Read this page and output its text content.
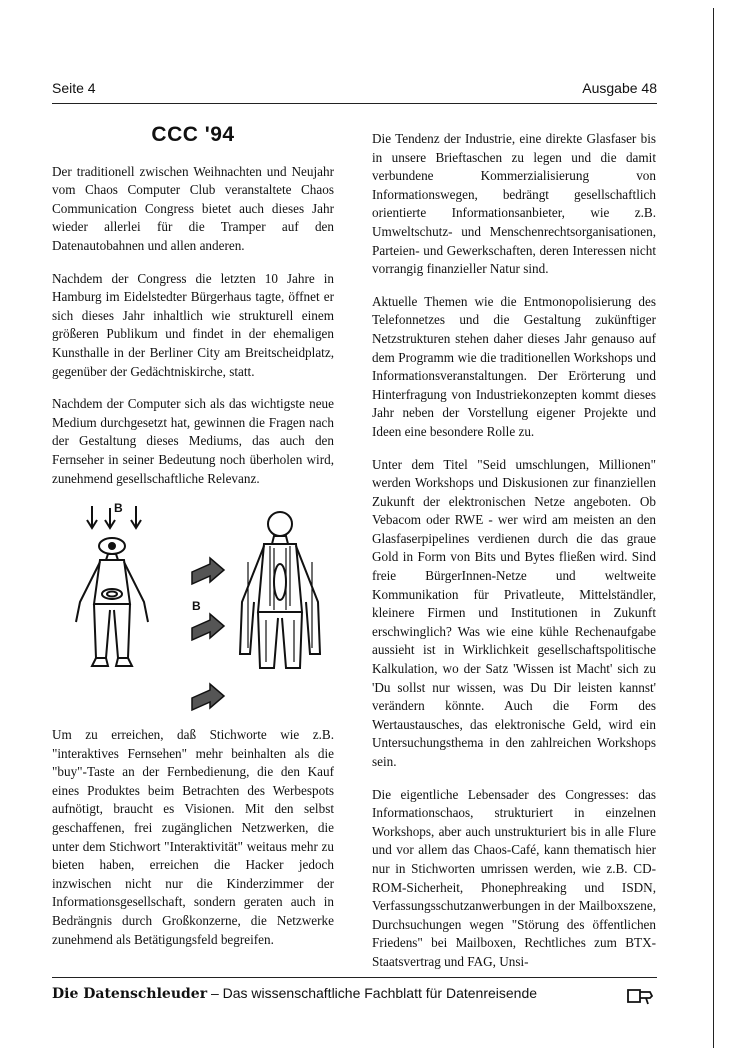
Seite 4	Ausgabe 48
CCC '94

Der traditionell zwischen Weihnachten und Neujahr vom Chaos Computer Club veranstaltete Chaos Communication Congress bietet auch dieses Jahr wieder allerlei für die Tramper auf den Datenautobahnen und allen anderen.

Nachdem der Congress die letzten 10 Jahre in Hamburg im Eidelstedter Bürgerhaus tagte, öffnet er sich dieses Jahr inhaltlich wie strukturell einem größeren Publikum und findet in der ehemaligen Kunsthalle in der Berliner City am Breitscheidplatz, gegenüber der Gedächtniskirche, statt.

Nachdem der Computer sich als das wichtigste neue Medium durchgesetzt hat, gewinnen die Fragen nach der Gestaltung dieses Mediums, das auch den Fernseher in seiner Bedeutung noch überholen wird, zunehmend gesellschaftliche Relevanz.

B
B

Um zu erreichen, daß Stichworte wie z.B. "interaktives Fernsehen" mehr beinhalten als die "buy"-Taste an der Fernbedienung, die den Kauf eines Produktes beim Betrachten des Werbespots aufnötigt, braucht es Visionen. Mit den selbst geschaffenen, frei zugänglichen Netzwerken, die unter dem Stichwort "Interaktivität" weitaus mehr zu bieten haben, erreichen die Hacker jedoch inzwischen nicht nur die Kinderzimmer der Informationsgesellschaft, sondern geraten auch in Bedrängnis durch Großkonzerne, die Netzwerke zunehmend als Betätigungsfeld begreifen.

Die Tendenz der Industrie, eine direkte Glasfaser bis in unsere Brieftaschen zu legen und die damit verbundene Kommerzialisierung von Informationswegen, bedrängt gesellschaftlich orientierte Informationsanbieter, wie z.B. Umweltschutz- und Menschenrechtsorganisationen, Parteien- und Gewerkschaften, deren Interessen nicht vorrangig finanzieller Natur sind.

Aktuelle Themen wie die Entmonopolisierung des Telefonnetzes und die Gestaltung zukünftiger Netzstrukturen stehen daher dieses Jahr genauso auf dem Programm wie die traditionellen Workshops und Informationsveranstaltungen. Der Erörterung und Hinterfragung von Industriekonzepten kommt dieses Jahr neben der Vorstellung eigener Projekte und Ideen eine besondere Rolle zu.

Unter dem Titel "Seid umschlungen, Millionen" werden Workshops und Diskusionen zur finanziellen Zukunft der elektronischen Netze angeboten. Ob Vebacom oder RWE - wer wird am meisten an den Glasfaserpipelines verdienen durch die das graue Gold in Form von Bits und Bytes fließen wird. Sind freie BürgerInnen-Netze und weltweite Kommunikation für Privatleute, Mittelständler, kleinere Firmen und Institutionen in Zukunft erschwinglich? Was wie eine kühle Rechenaufgabe aussieht ist in Wirklichkeit gesellschaftspolitische Kalkulation, wo der Satz 'Wissen ist Macht' sich zu 'Du sollst nur wissen, was Du Dir leisten kannst' verändern könnte. Auch die Form des Wertaustausches, das elektronische Geld, wird ein Untersuchungsthema in den zahlreichen Workshops sein.

Die eigentliche Lebensader des Congresses: das Informationschaos, strukturiert in einzelnen Workshops, aber auch unstrukturiert bis in alle Flure und vor allem das Chaos-Café, kann thematisch hier nur in Stichworten umrissen werden, wie z.B. CD-ROM-Sicherheit, Phonephreaking und ISDN, Verfassungsschutzanwerbungen in der Mailboxszene, Durchsuchungen wegen "Störung des öffentlichen Friedens" bei Mailboxen, Rechtliches zum BTX-Staatsvertrag und FAG, Unsi-

Die Datenschleuder – Das wissenschaftliche Fachblatt für Datenreisende
